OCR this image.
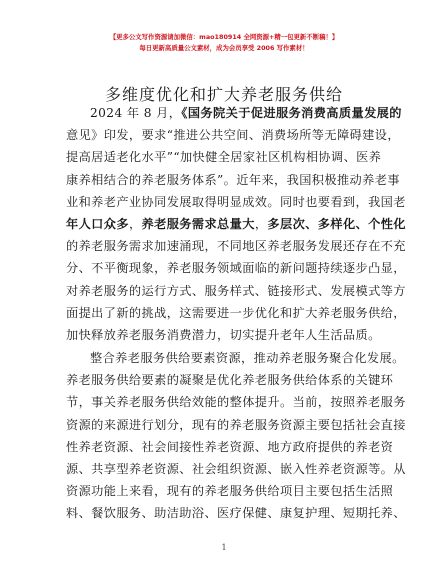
【更多公文写作资源请加微信：mao180914 全网资源+精一包更新不断稿！】
每日更新高质量公文素材，成为会员享受 2006 写作素材！
多维度优化和扩大养老服务供给
2024 年 8 月，《国务院关于促进服务消费高质量发展的
意见》印发，要求“推进公共空间、消费场所等无障碍建设，
提高居适老化水平”“加快健全居家社区机构相协调、医养
康养相结合的养老服务体系”。近年来，我国积极推动养老事
业和养老产业协同发展取得明显成效。同时也要看到，我国老
年人口众多，养老服务需求总量大，多层次、多样化、个性化
的养老服务需求加速涌现，不同地区养老服务发展还存在不充
分、不平衡现象，养老服务领域面临的新问题持续逐步凸显，
对养老服务的运行方式、服务样式、链接形式、发展模式等方
面提出了新的挑战，这需要进一步优化和扩大养老服务供给，
加快释放养老服务消费潜力，切实提升老年人生活品质。
整合养老服务供给要素资源，推动养老服务聚合化发展。
养老服务供给要素的凝聚是优化养老服务供给体系的关键环
节，事关养老服务供给效能的整体提升。当前，按照养老服务
资源的来源进行划分，现有的养老服务资源主要包括社会直接
性养老资源、社会间接性养老资源、地方政府提供的养老资
源、共享型养老资源、社会组织资源、嵌入性养老资源等。从
资源功能上来看，现有的养老服务供给项目主要包括生活照
料、餐饮服务、助洁助浴、医疗保健、康复护理、短期托养、
1
